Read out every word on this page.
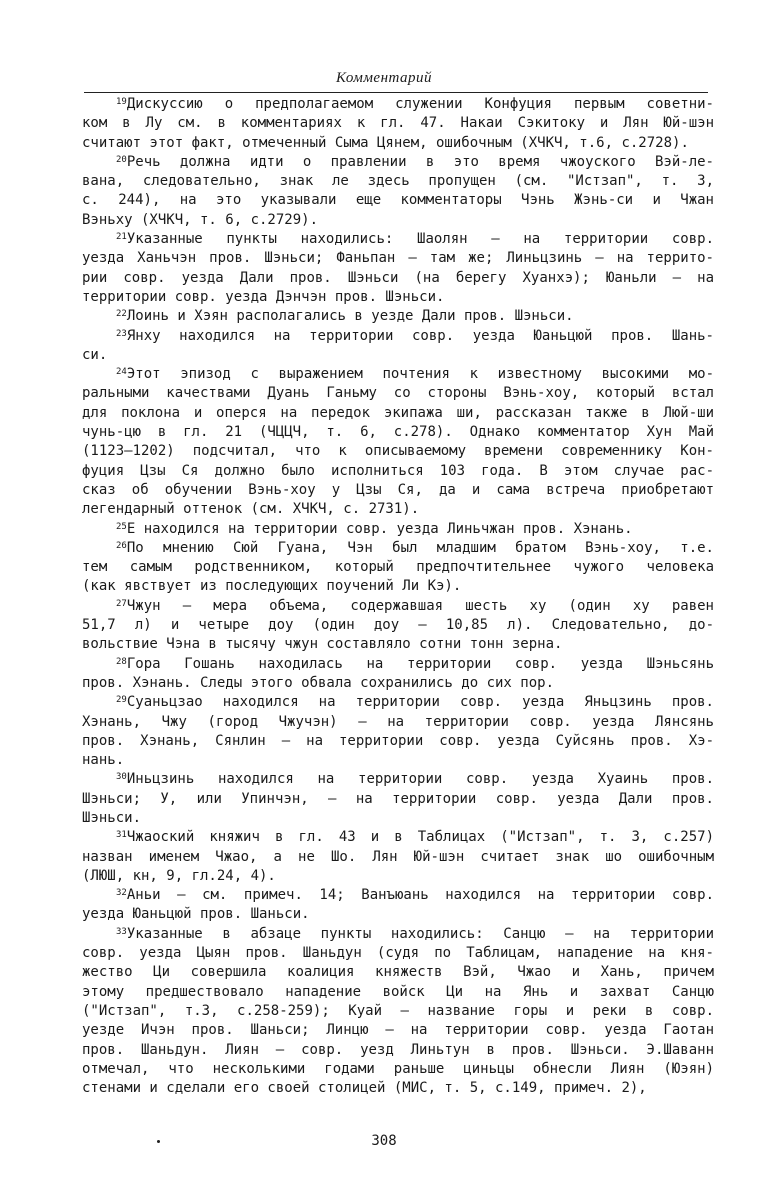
Комментарий
$^{19}$Дискуссию о предполагаемом служении Конфуция первым советни-
ком в Лу см. в комментариях к гл. 47. Накаи Сэкитоку и Лян Юй-шэн
считают этот факт, отмеченный Сыма Цянем, ошибочным (ХЧКЧ, т.6, с.2728).
$^{20}$Речь должна идти о правлении в это время чжоуского Вэй-ле-
вана, следовательно, знак ле здесь пропущен (см. "Истзап", т. 3,
с. 244), на это указывали еще комментаторы Чэнь Жэнь-си и Чжан
Вэньху (ХЧКЧ, т. 6, с.2729).
$^{21}$Указанные пункты находились: Шаолян — на территории совр.
уезда Ханьчэн пров. Шэньси; Фаньпан — там же; Линьцзинь — на террито-
рии совр. уезда Дали пров. Шэньси (на берегу Хуанхэ); Юаньли — на
территории совр. уезда Дэнчэн пров. Шэньси.
$^{22}$Лоинь и Хэян располагались в уезде Дали пров. Шэньси.
$^{23}$Янху находился на территории совр. уезда Юаньцюй пров. Шань-
си.
$^{24}$Этот эпизод с выражением почтения к известному высокими мо-
ральными качествами Дуань Ганьму со стороны Вэнь-хоу, который встал
для поклона и оперся на передок экипажа ши, рассказан также в Люй-ши
чунь-цю в гл. 21 (ЧЦЦЧ, т. 6, с.278). Однако комментатор Хун Май
(1123—1202) подсчитал, что к описываемому времени современнику Кон-
фуция Цзы Ся должно было исполниться 103 года. В этом случае рас-
сказ об обучении Вэнь-хоу у Цзы Ся, да и сама встреча приобретают
легендарный оттенок (см. ХЧКЧ, с. 2731).
$^{25}$Е находился на территории совр. уезда Линьчжан пров. Хэнань.
$^{26}$По мнению Сюй Гуана, Чэн был младшим братом Вэнь-хоу, т.е.
тем самым родственником, который предпочтительнее чужого человека
(как явствует из последующих поучений Ли Кэ).
$^{27}$Чжун — мера объема, содержавшая шесть ху (один ху равен
51,7 л) и четыре доу (один доу — 10,85 л). Следовательно, до-
вольствие Чэна в тысячу чжун составляло сотни тонн зерна.
$^{28}$Гора Гошань находилась на территории совр. уезда Шэньсянь
пров. Хэнань. Следы этого обвала сохранились до сих пор.
$^{29}$Суаньцзао находился на территории совр. уезда Яньцзинь пров.
Хэнань, Чжу (город Чжучэн) — на территории совр. уезда Лянсянь
пров. Хэнань, Сянлин — на территории совр. уезда Суйсянь пров. Хэ-
нань.
$^{30}$Иньцзинь находился на территории совр. уезда Хуаинь пров.
Шэньси; У, или Упинчэн, — на территории совр. уезда Дали пров.
Шэньси.
$^{31}$Чжаоский княжич в гл. 43 и в Таблицах ("Истзап", т. 3, с.257)
назван именем Чжао, а не Шо. Лян Юй-шэн считает знак шо ошибочным
(ЛЮШ, кн, 9, гл.24, 4).
$^{32}$Аньи — см. примеч. 14; Ванъюань находился на территории совр.
уезда Юаньцюй пров. Шаньси.
$^{33}$Указанные в абзаце пункты находились: Санцю — на территории
совр. уезда Цыян пров. Шаньдун (судя по Таблицам, нападение на кня-
жество Ци совершила коалиция княжеств Вэй, Чжао и Хань, причем
этому предшествовало нападение войск Ци на Янь и захват Санцю
("Истзап", т.3, с.258-259); Куай — название горы и реки в совр.
уезде Ичэн пров. Шаньси; Линцю — на территории совр. уезда Гаотан
пров. Шаньдун. Лиян — совр. уезд Линьтун в пров. Шэньси. Э.Шаванн
отмечал, что несколькими годами раньше циньцы обнесли Лиян (Юэян)
стенами и сделали его своей столицей (МИС, т. 5, с.149, примеч. 2),
308
